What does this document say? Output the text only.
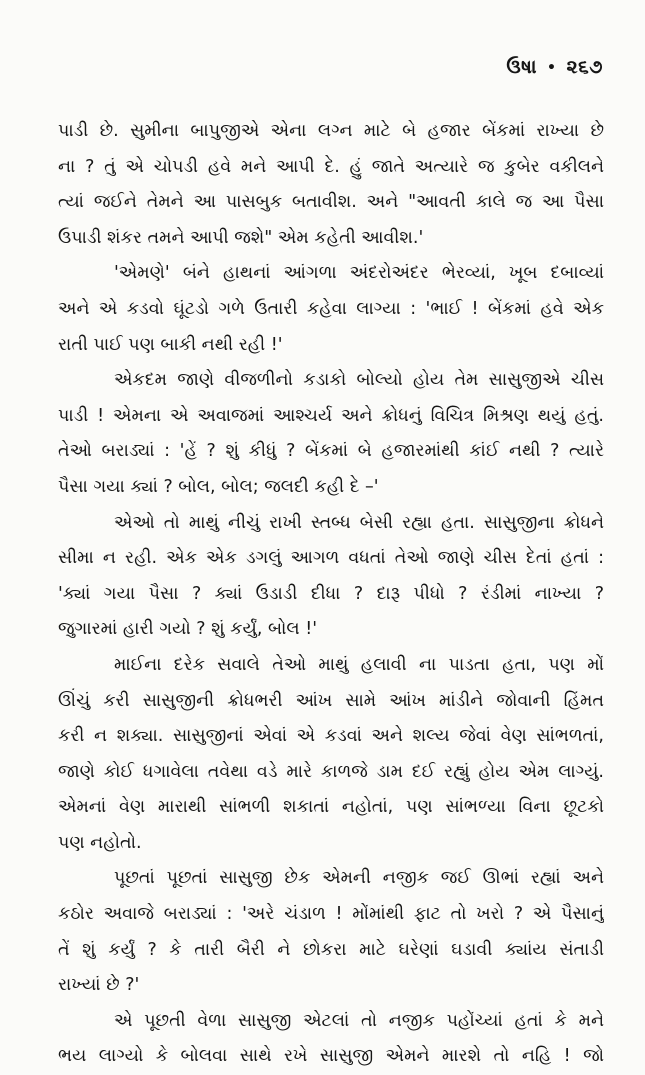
ઉષા • ૨૬૭
પાડી છે. સુમીના બાપુજીએ એના લગ્ન માટે બે હજાર બેંકમાં રાખ્યા છે
ના ? તું એ ચોપડી હવે મને આપી દે. હું જાતે અત્યારે જ કુબેર વકીલને
ત્યાં જઈને તેમને આ પાસબુક બતાવીશ. અને "આવતી કાલે જ આ પૈસા
ઉપાડી શંકર તમને આપી જશે" એમ કહેતી આવીશ.'
'એમણે' બંને હાથનાં આંગળા અંદરોઅંદર ભેરવ્યાં, ખૂબ દબાવ્યાં
અને એ કડવો ઘૂંટડો ગળે ઉતારી કહેવા લાગ્યા : 'ભાઈ ! બેંકમાં હવે એક
રાતી પાઈ પણ બાકી નથી રહી !'
એકદમ જાણે વીજળીનો કડાકો બોલ્યો હોય તેમ સાસુજીએ ચીસ
પાડી ! એમના એ અવાજમાં આશ્ચર્ય અને ક્રોધનું વિચિત્ર મિશ્રણ થયું હતું.
તેઓ બરાડ્યાં : 'હેં ? શું કીધું ? બેંકમાં બે હજારમાંથી કાંઈ નથી ? ત્યારે
પૈસા ગયા ક્યાં ? બોલ, બોલ; જલદી કહી દે –'
એઓ તો માથું નીચું રાખી સ્તબ્ધ બેસી રહ્યા હતા. સાસુજીના ક્રોધને
સીમા ન રહી. એક એક ડગલું આગળ વધતાં તેઓ જાણે ચીસ દેતાં હતાં :
'ક્યાં ગયા પૈસા ? ક્યાં ઉડાડી દીધા ? દારૂ પીધો ? રંડીમાં નાખ્યા ?
જુગારમાં હારી ગયો ? શું કર્યું, બોલ !'
માઈના દરેક સવાલે તેઓ માથું હલાવી ના પાડતા હતા, પણ મોં
ઊંચું કરી સાસુજીની ક્રોધભરી આંખ સામે આંખ માંડીને જોવાની હિંમત
કરી ન શક્યા. સાસુજીનાં એવાં એ કડવાં અને શલ્ય જેવાં વેણ સાંભળતાં,
જાણે કોઈ ધગાવેલા તવેથા વડે મારે કાળજે ડામ દઈ રહ્યું હોય એમ લાગ્યું.
એમનાં વેણ મારાથી સાંભળી શકાતાં નહોતાં, પણ સાંભળ્યા વિના છૂટકો
પણ નહોતો.
પૂછતાં પૂછતાં સાસુજી છેક એમની નજીક જઈ ઊભાં રહ્યાં અને
કઠોર અવાજે બરાડ્યાં : 'અરે ચંડાળ ! મોંમાંથી ફાટ તો ખરો ? એ પૈસાનું
તેં શું કર્યું ? કે તારી બૈરી ને છોકરા માટે ઘરેણાં ઘડાવી ક્યાંય સંતાડી
રાખ્યાં છે ?'
એ પૂછતી વેળા સાસુજી એટલાં તો નજીક પહોંચ્યાં હતાં કે મને
ભય લાગ્યો કે બોલવા સાથે રખે સાસુજી એમને મારશે તો નહિ ! જો
